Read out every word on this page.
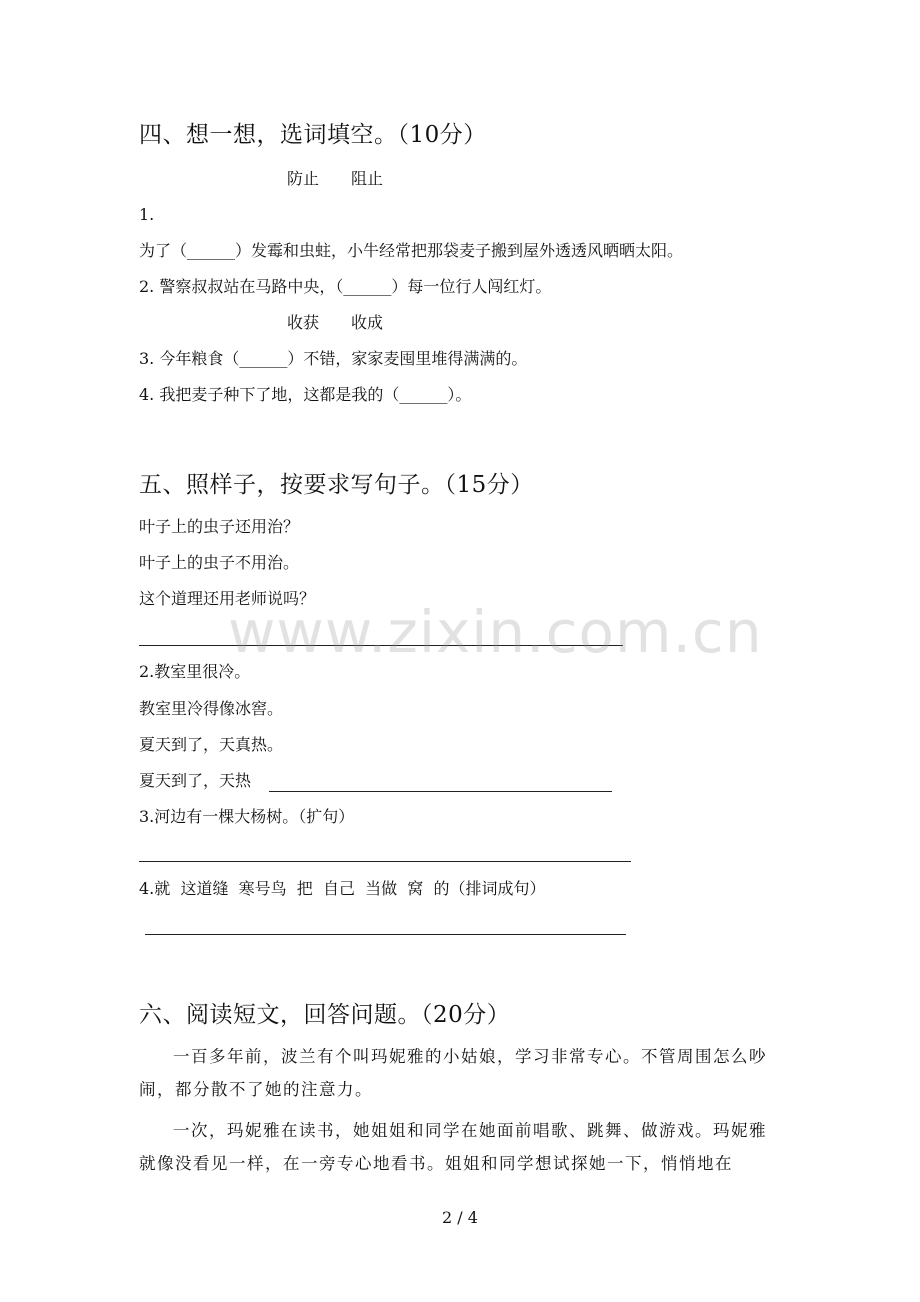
四、想一想，选词填空。（10分）
防止　　阻止
1.
为了（______）发霉和虫蛀，小牛经常把那袋麦子搬到屋外透透风晒晒太阳。
2. 警察叔叔站在马路中央，（______）每一位行人闯红灯。
收获　　收成
3. 今年粮食（______）不错，家家麦囤里堆得满满的。
4. 我把麦子种下了地，这都是我的（______）。
五、照样子，按要求写句子。（15分）
叶子上的虫子还用治？
叶子上的虫子不用治。
这个道理还用老师说吗？
2.教室里很冷。
教室里冷得像冰窖。
夏天到了，天真热。
夏天到了，天热
3.河边有一棵大杨树。（扩句）
4.就  这道缝  寒号鸟  把  自己  当做  窝  的（排词成句）
www.zixin.com.cn
六、阅读短文，回答问题。（20分）
一百多年前，波兰有个叫玛妮雅的小姑娘，学习非常专心。不管周围怎么吵闹，都分散不了她的注意力。
一次，玛妮雅在读书，她姐姐和同学在她面前唱歌、跳舞、做游戏。玛妮雅就像没看见一样，在一旁专心地看书。姐姐和同学想试探她一下，悄悄地在
2 / 4
